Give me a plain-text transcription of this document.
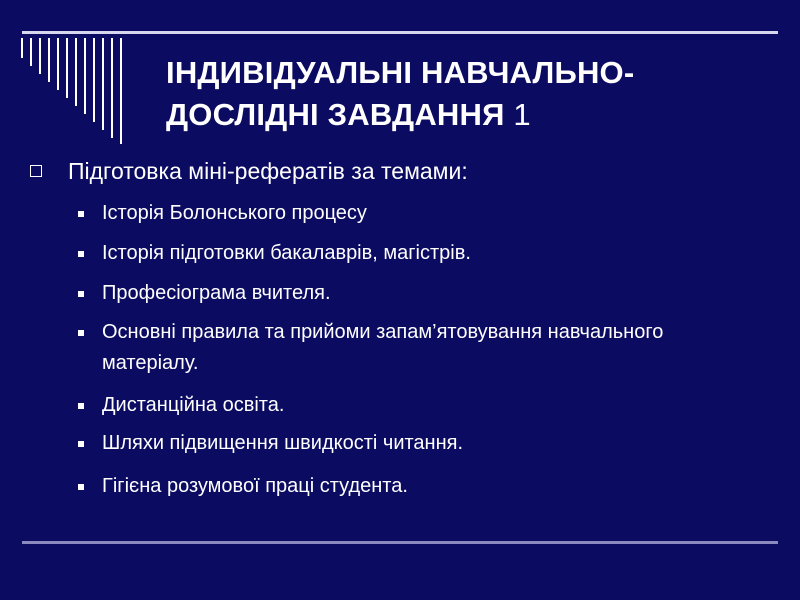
ІНДИВІДУАЛЬНІ НАВЧАЛЬНО-
ДОСЛІДНІ ЗАВДАННЯ 1
Підготовка міні-рефератів за темами:
Історія Болонського процесу
Історія підготовки бакалаврів, магістрів.
Професіограма вчителя.
Основні правила та прийоми запам’ятовування навчального матеріалу.
Дистанційна освіта.
Шляхи підвищення швидкості читання.
Гігієна розумової праці студента.
